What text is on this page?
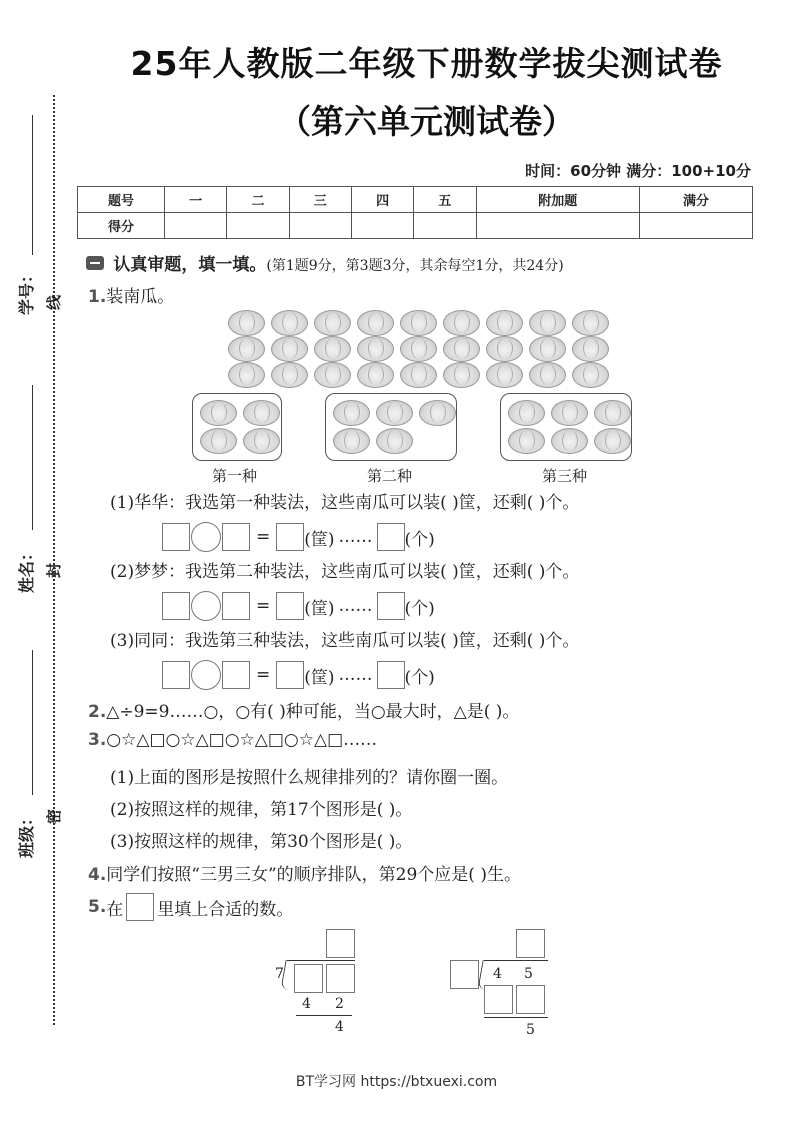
25年人教版二年级下册数学拔尖测试卷
（第六单元测试卷）
时间：60分钟 满分：100+10分
题号	一	二	三	四	五	附加题	满分
得分							
学号： 线
姓名： 封
班级： 密
认真审题，填一填。(第1题9分，第3题3分，其余每空1分，共24分)
1.装南瓜。
第一种	第二种	第三种
(1)华华：我选第一种装法，这些南瓜可以装( )筐，还剩( )个。
= (筐) …… (个)
(2)梦梦：我选第二种装法，这些南瓜可以装( )筐，还剩( )个。
= (筐) …… (个)
(3)同同：我选第三种装法，这些南瓜可以装( )筐，还剩( )个。
= (筐) …… (个)
2.△÷9=9……○，○有( )种可能，当○最大时，△是( )。
3.○☆△□○☆△□○☆△□○☆△□……
(1)上面的图形是按照什么规律排列的？请你圈一圈。
(2)按照这样的规律，第17个图形是( )。
(3)按照这样的规律，第30个图形是( )。
4.同学们按照“三男三女”的顺序排队，第29个应是( )生。
5. 在 里填上合适的数。
7
4 2
4
4 5
5
BT学习网 https://btxuexi.com
